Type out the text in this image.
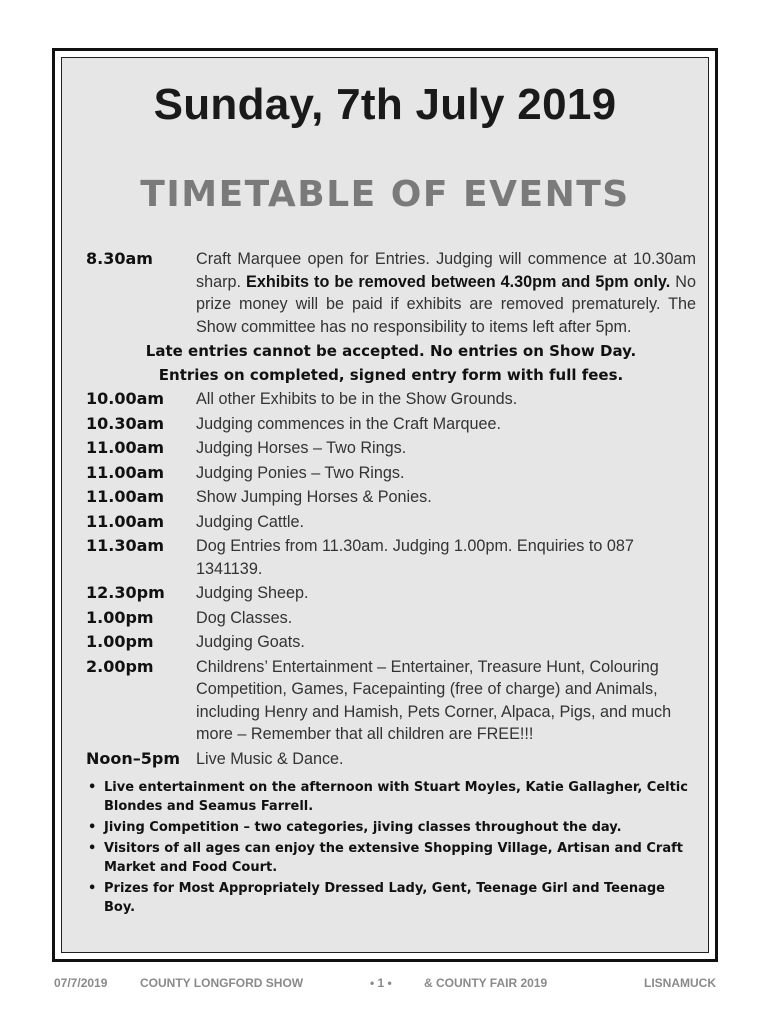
Sunday, 7th July 2019
TIMETABLE OF EVENTS
8.30am	Craft Marquee open for Entries. Judging will commence at 10.30am sharp. Exhibits to be removed between 4.30pm and 5pm only. No prize money will be paid if exhibits are removed prematurely. The Show committee has no responsibility to items left after 5pm.
Late entries cannot be accepted. No entries on Show Day.
Entries on completed, signed entry form with full fees.
10.00am	All other Exhibits to be in the Show Grounds.
10.30am	Judging commences in the Craft Marquee.
11.00am	Judging Horses – Two Rings.
11.00am	Judging Ponies – Two Rings.
11.00am	Show Jumping Horses & Ponies.
11.00am	Judging Cattle.
11.30am	Dog Entries from 11.30am. Judging 1.00pm. Enquiries to 087 1341139.
12.30pm	Judging Sheep.
1.00pm	Dog Classes.
1.00pm	Judging Goats.
2.00pm	Childrens’ Entertainment – Entertainer, Treasure Hunt, Colouring Competition, Games, Facepainting (free of charge) and Animals, including Henry and Hamish, Pets Corner, Alpaca, Pigs, and much more – Remember that all children are FREE!!!
Noon–5pm Live Music & Dance.
• Live entertainment on the afternoon with Stuart Moyles, Katie Gallagher, Celtic Blondes and Seamus Farrell.
• Jiving Competition – two categories, jiving classes throughout the day.
• Visitors of all ages can enjoy the extensive Shopping Village, Artisan and Craft Market and Food Court.
• Prizes for Most Appropriately Dressed Lady, Gent, Teenage Girl and Teenage Boy.
07/7/2019	COUNTY LONGFORD SHOW	• 1 •	& COUNTY FAIR 2019	LISNAMUCK
